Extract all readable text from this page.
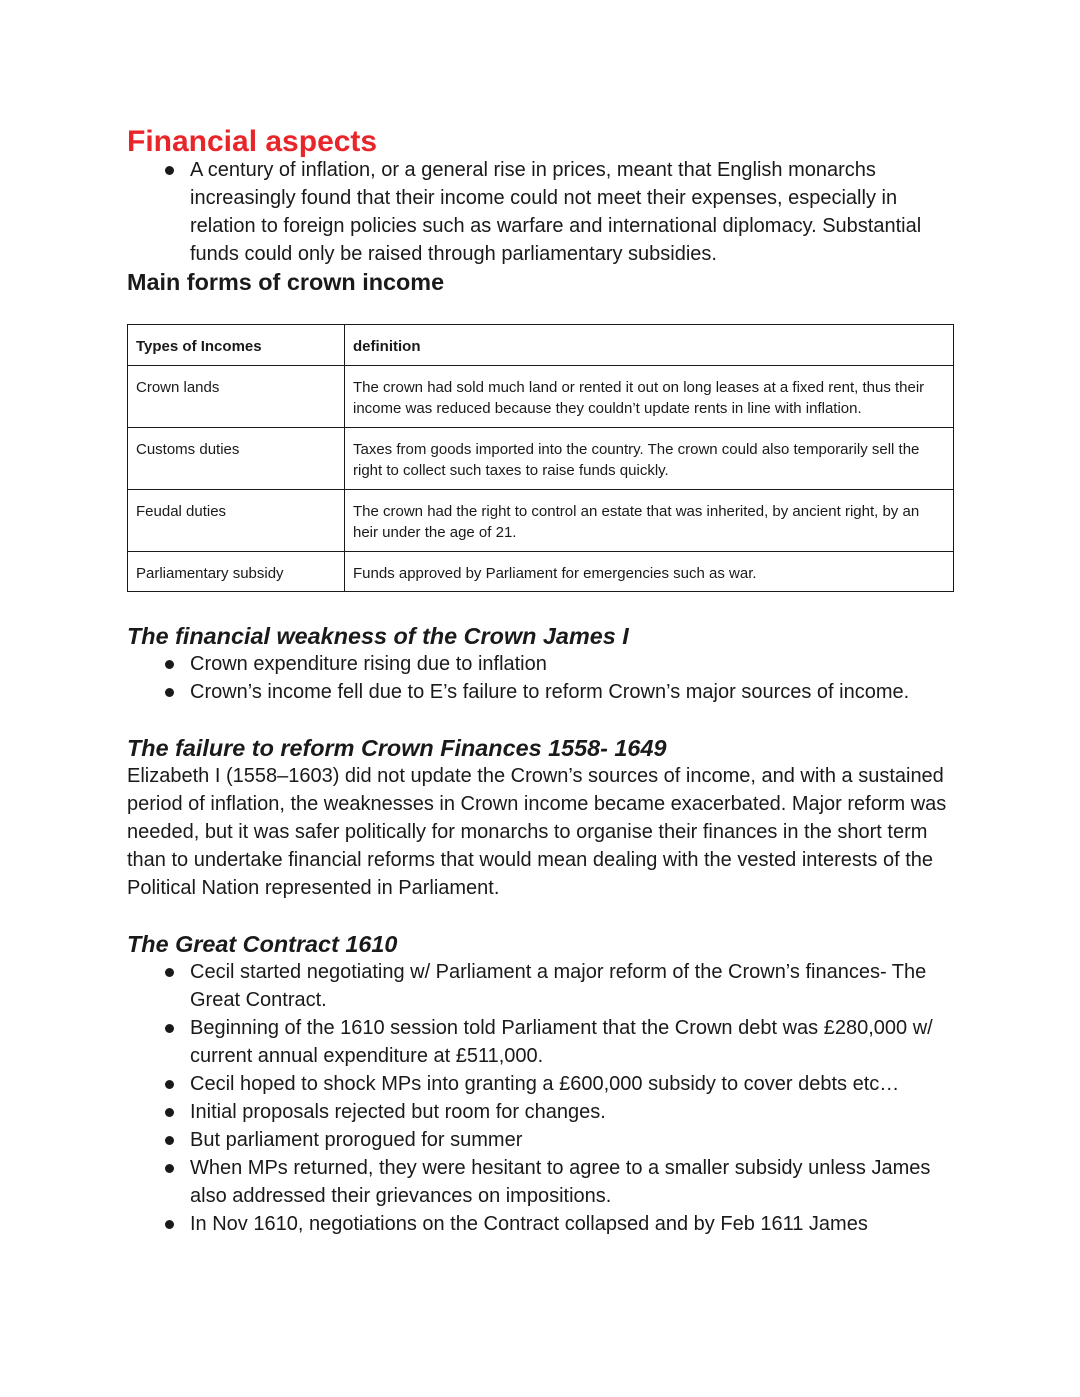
Financial aspects
A century of inflation, or a general rise in prices, meant that English monarchs increasingly found that their income could not meet their expenses, especially in relation to foreign policies such as warfare and international diplomacy. Substantial funds could only be raised through parliamentary subsidies.
Main forms of crown income
Types of Incomes	definition
Crown lands	The crown had sold much land or rented it out on long leases at a fixed rent, thus their income was reduced because they couldn’t update rents in line with inflation.
Customs duties	Taxes from goods imported into the country. The crown could also temporarily sell the right to collect such taxes to raise funds quickly.
Feudal duties	The crown had the right to control an estate that was inherited, by ancient right, by an heir under the age of 21.
Parliamentary subsidy	Funds approved by Parliament for emergencies such as war.
The financial weakness of the Crown James I
Crown expenditure rising due to inflation
Crown’s income fell due to E’s failure to reform Crown’s major sources of income.
The failure to reform Crown Finances 1558- 1649

Elizabeth I (1558–1603) did not update the Crown’s sources of income, and with a sustained period of inflation, the weaknesses in Crown income became exacerbated. Major reform was needed, but it was safer politically for monarchs to organise their finances in the short term than to undertake financial reforms that would mean dealing with the vested interests of the Political Nation represented in Parliament.

The Great Contract 1610
Cecil started negotiating w/ Parliament a major reform of the Crown’s finances- The Great Contract.
Beginning of the 1610 session told Parliament that the Crown debt was £280,000 w/ current annual expenditure at £511,000.
Cecil hoped to shock MPs into granting a £600,000 subsidy to cover debts etc…
Initial proposals rejected but room for changes.
But parliament prorogued for summer
When MPs returned, they were hesitant to agree to a smaller subsidy unless James also addressed their grievances on impositions.
In Nov 1610, negotiations on the Contract collapsed and by Feb 1611 James
